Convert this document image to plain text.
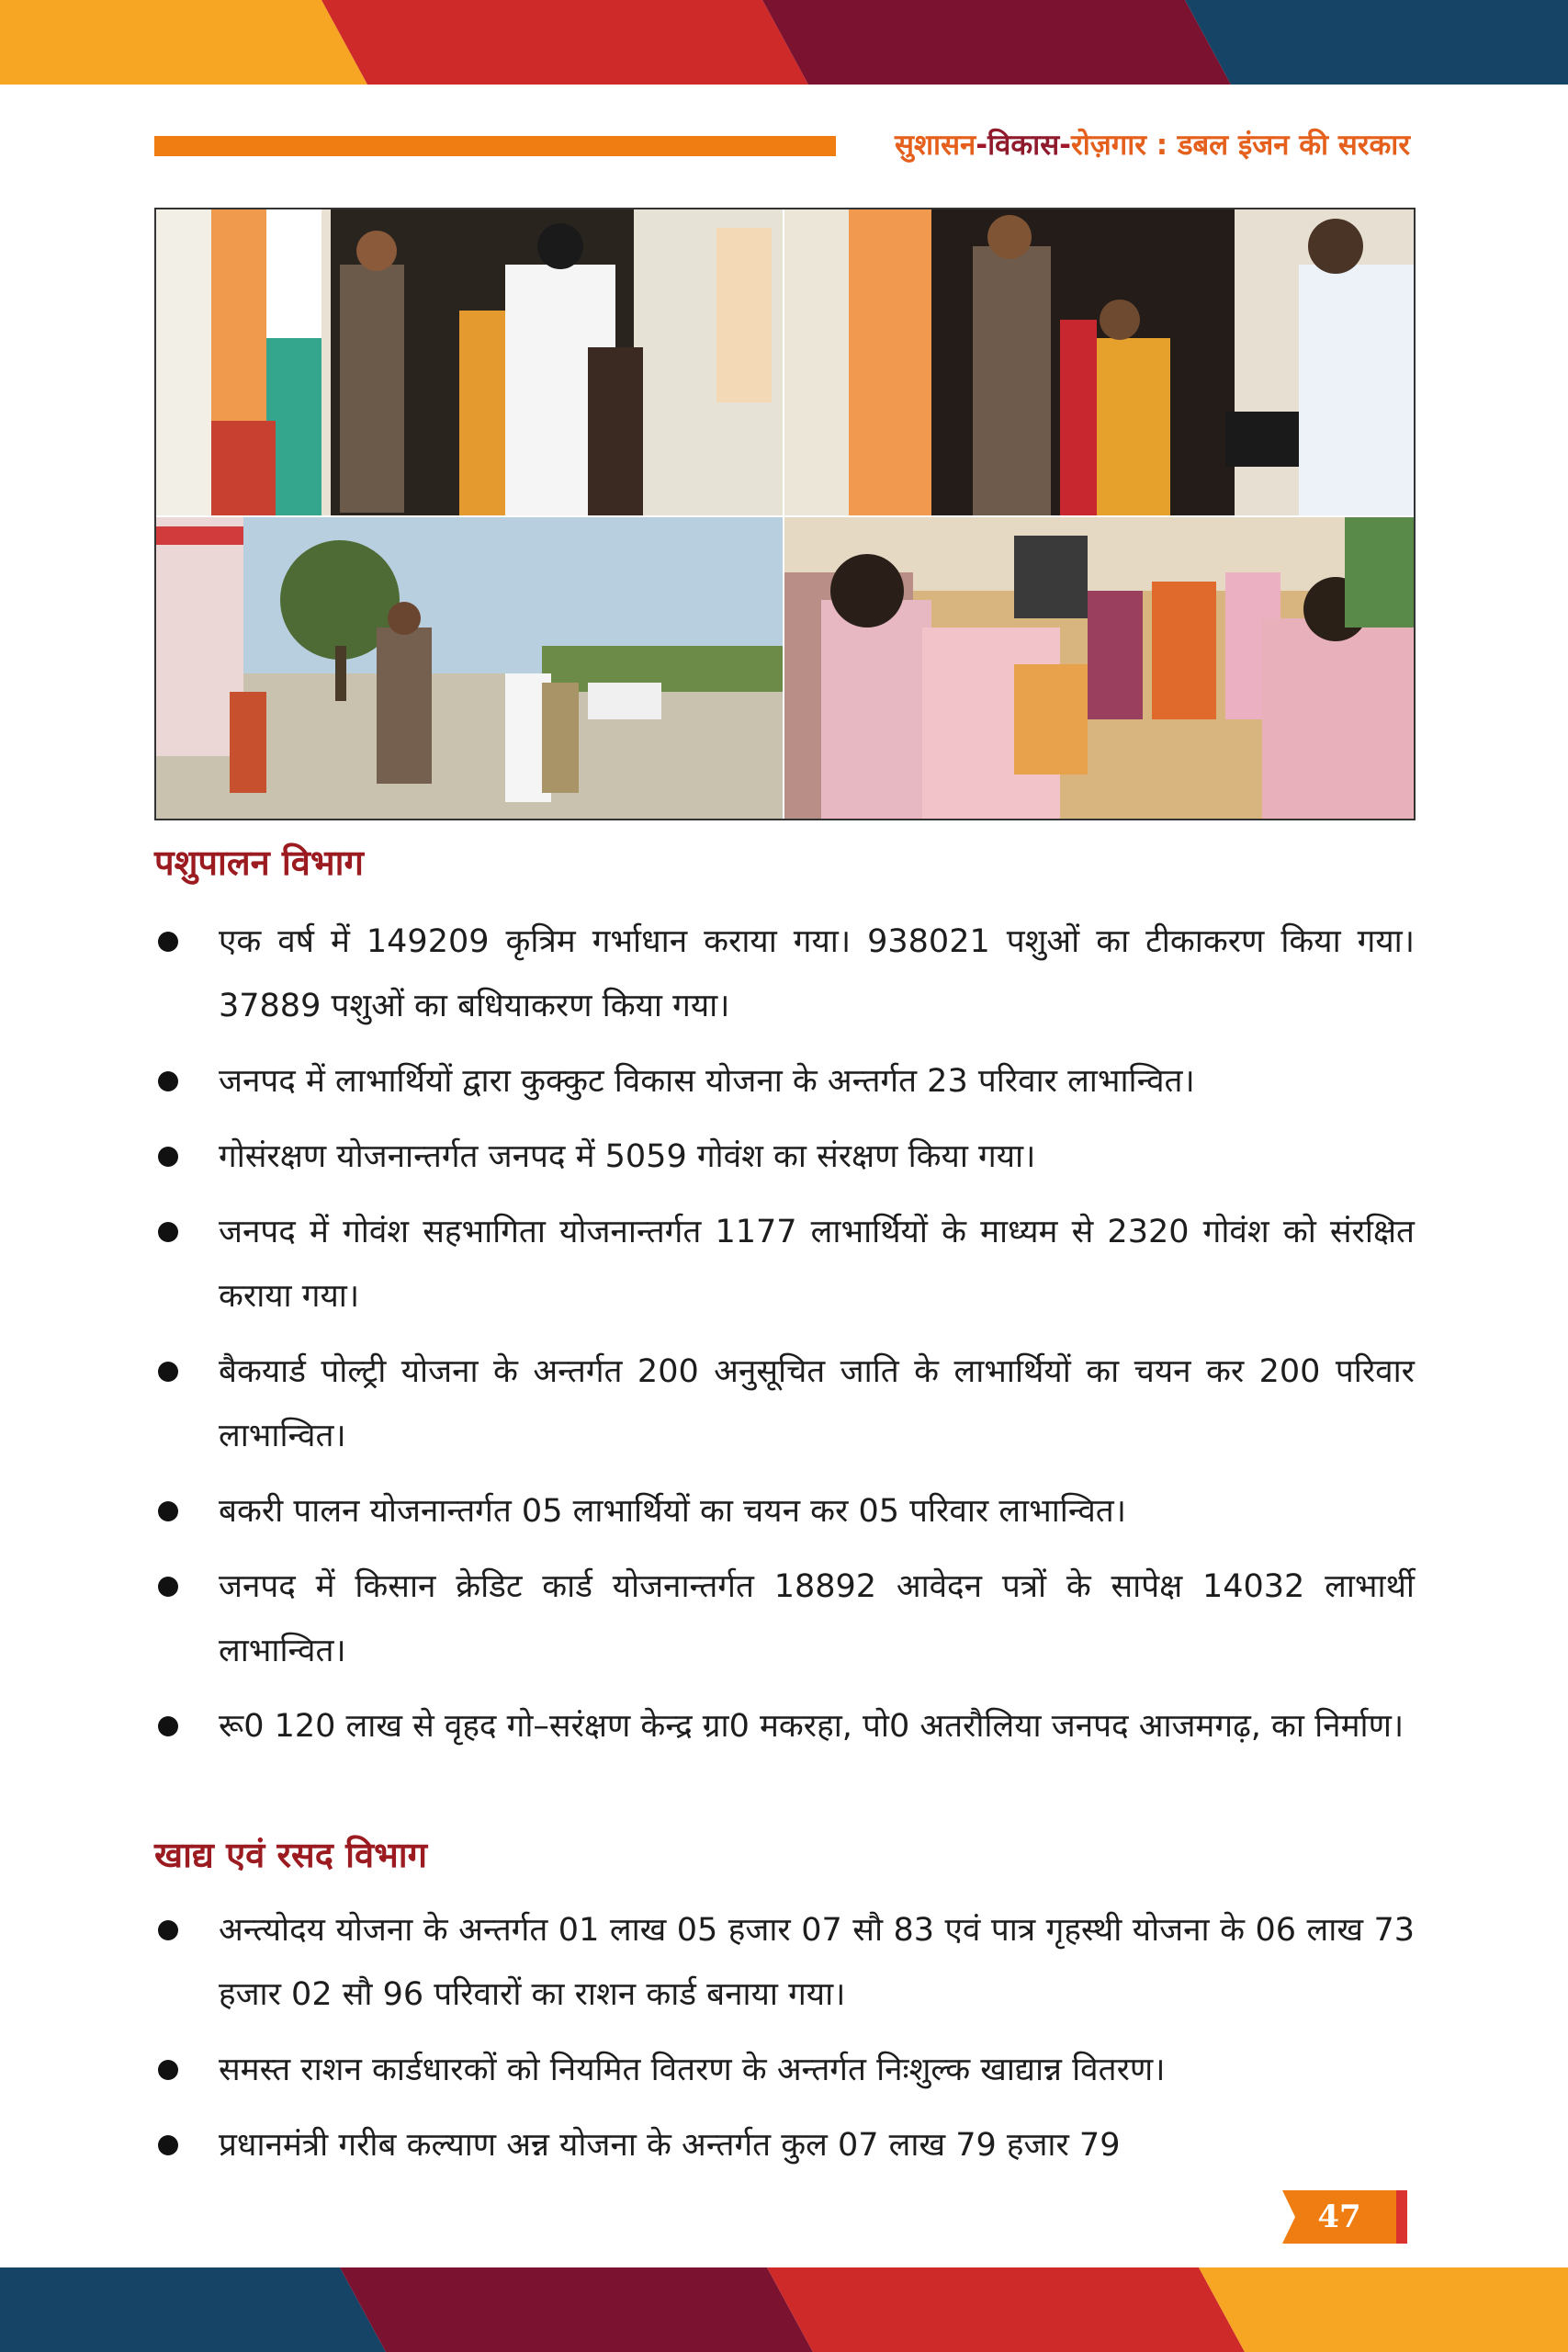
सुशासन-विकास-रोज़गार : डबल इंजन की सरकार
पशुपालन विभाग
एक वर्ष में 149209 कृत्रिम गर्भाधान कराया गया। 938021 पशुओं का टीकाकरण किया गया। 37889 पशुओं का बधियाकरण किया गया।
जनपद में लाभार्थियों द्वारा कुक्कुट विकास योजना के अन्तर्गत 23 परिवार लाभान्वित।
गोसंरक्षण योजनान्तर्गत जनपद में 5059 गोवंश का संरक्षण किया गया।
जनपद में गोवंश सहभागिता योजनान्तर्गत 1177 लाभार्थियों के माध्यम से 2320 गोवंश को संरक्षित कराया गया।
बैकयार्ड पोल्ट्री योजना के अन्तर्गत 200 अनुसूचित जाति के लाभार्थियों का चयन कर 200 परिवार लाभान्वित।
बकरी पालन योजनान्तर्गत 05 लाभार्थियों का चयन कर 05 परिवार लाभान्वित।
जनपद में किसान क्रेडिट कार्ड योजनान्तर्गत 18892 आवेदन पत्रों के सापेक्ष 14032 लाभार्थी लाभान्वित।
रू0 120 लाख से वृहद गो–सरंक्षण केन्द्र ग्रा0 मकरहा, पो0 अतरौलिया जनपद आजमगढ़, का निर्माण।
खाद्य एवं रसद विभाग
अन्त्योदय योजना के अन्तर्गत 01 लाख 05 हजार 07 सौ 83 एवं पात्र गृहस्थी योजना के 06 लाख 73 हजार 02 सौ 96 परिवारों का राशन कार्ड बनाया गया।
समस्त राशन कार्डधारकों को नियमित वितरण के अन्तर्गत निःशुल्क खाद्यान्न वितरण।
प्रधानमंत्री गरीब कल्याण अन्न योजना के अन्तर्गत कुल 07 लाख 79 हजार 79
47
